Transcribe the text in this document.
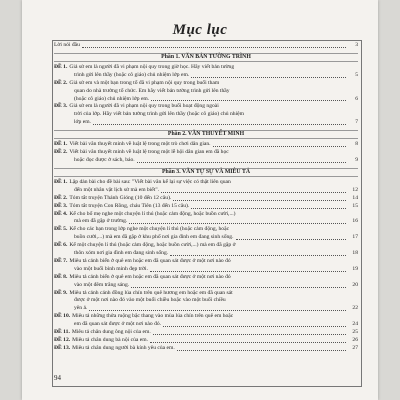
Mục lục
Lời nói đầu	3
Phần 1. VĂN BẢN TƯỜNG TRÌNH
ĐỀ 1. Giả sử em là người đã vi phạm nội quy trong giờ học. Hãy viết bản tường
trình gửi lên thầy (hoặc cô giáo) chủ nhiệm lớp em.	5
ĐỀ 2. Giả sử em và một bạn trong tổ đã vi phạm nội quy trong buổi tham
quan do nhà trường tổ chức. Em hãy viết bản tường trình gửi lên thầy
(hoặc cô giáo) chủ nhiệm lớp em.	6
ĐỀ 3. Giả sử em là người đã vi phạm nội quy trong buổi hoạt động ngoài
trời của lớp. Hãy viết bản tường trình gửi lên thầy (hoặc cô giáo) chủ nhiệm
lớp em.	7
Phần 2. VĂN THUYẾT MINH
ĐỀ 1. Viết bài văn thuyết minh về luật lệ trong một trò chơi dân gian.	8
ĐỀ 2. Viết bài văn thuyết minh về luật lệ trong một lễ hội dân gian em đã học
hoặc đọc được ở sách, báo.	9
Phần 3. VĂN TỰ SỰ VÀ MIÊU TẢ
ĐỀ 1. Lập dàn bài cho đề bài sau: "Viết bài văn kể lại sự việc có thật liên quan
đến một nhân vật lịch sử mà em biết".	12
ĐỀ 2. Tóm tắt truyện Thánh Gióng (10 đến 12 câu).	14
ĐỀ 3. Tóm tắt truyện Con Rồng, cháu Tiên (13 đến 15 câu).	15
ĐỀ 4. Kể cho bố mẹ nghe một chuyện lí thú (hoặc cảm động, hoặc buồn cười,...)
mà em đã gặp ở trường.	16
ĐỀ 5. Kể cho các bạn trong lớp nghe một chuyện lí thú (hoặc cảm động, hoặc
buồn cười,...) mà em đã gặp ở khu phố nơi gia đình em đang sinh sống.	17
ĐỀ 6. Kể một chuyện lí thú (hoặc cảm động, hoặc buồn cười,...) mà em đã gặp ở
thôn xóm nơi gia đình em đang sinh sống.	18
ĐỀ 7. Miêu tả cảnh biển ở quê em hoặc em đã quan sát được ở một nơi nào đó
vào một buổi bình minh đẹp trời.	19
ĐỀ 8. Miêu tả cảnh biển ở quê em hoặc em đã quan sát được ở một nơi nào đó
vào một đêm trăng sáng.	20
ĐỀ 9. Miêu tả cảnh cánh đồng lúa chín trên quê hương em hoặc em đã quan sát
được ở một nơi nào đó vào một buổi chiều hoặc vào một buổi chiều
yên ả.	22
ĐỀ 10. Miêu tả những thửa ruộng bậc thang vào mùa lúa chín trên quê em hoặc
em đã quan sát được ở một nơi nào đó.	24
ĐỀ 11. Miêu tả chân dung ông nội của em.	25
ĐỀ 12. Miêu tả chân dung bà nội của em.	26
ĐỀ 13. Miêu tả chân dung người bà kính yêu của em.	27
94
